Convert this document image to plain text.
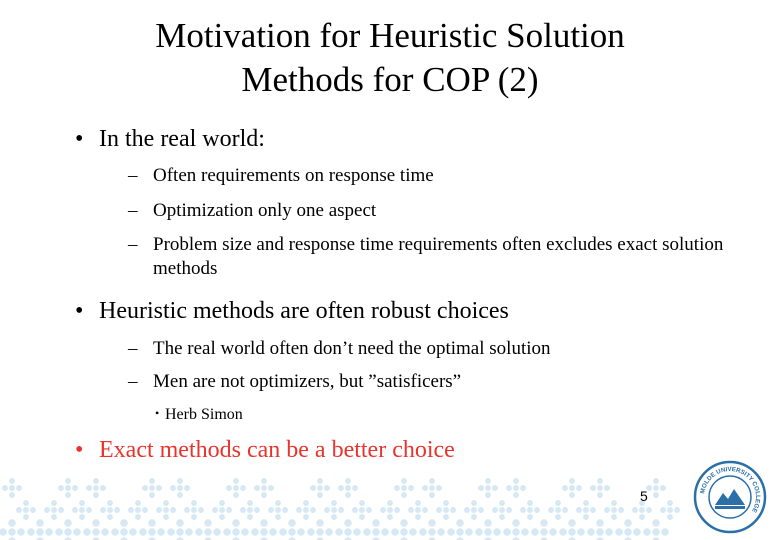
Motivation for Heuristic Solution
Methods for COP (2)
• In the real world:
– Often requirements on response time
– Optimization only one aspect
– Problem size and response time requirements often excludes exact solution methods
• Heuristic methods are often robust choices
– The real world often don’t need the optimal solution
– Men are not optimizers, but ”satisficers”
• Herb Simon
• Exact methods can be a better choice
5	MOLDE UNIVERSITY COLLEGE
